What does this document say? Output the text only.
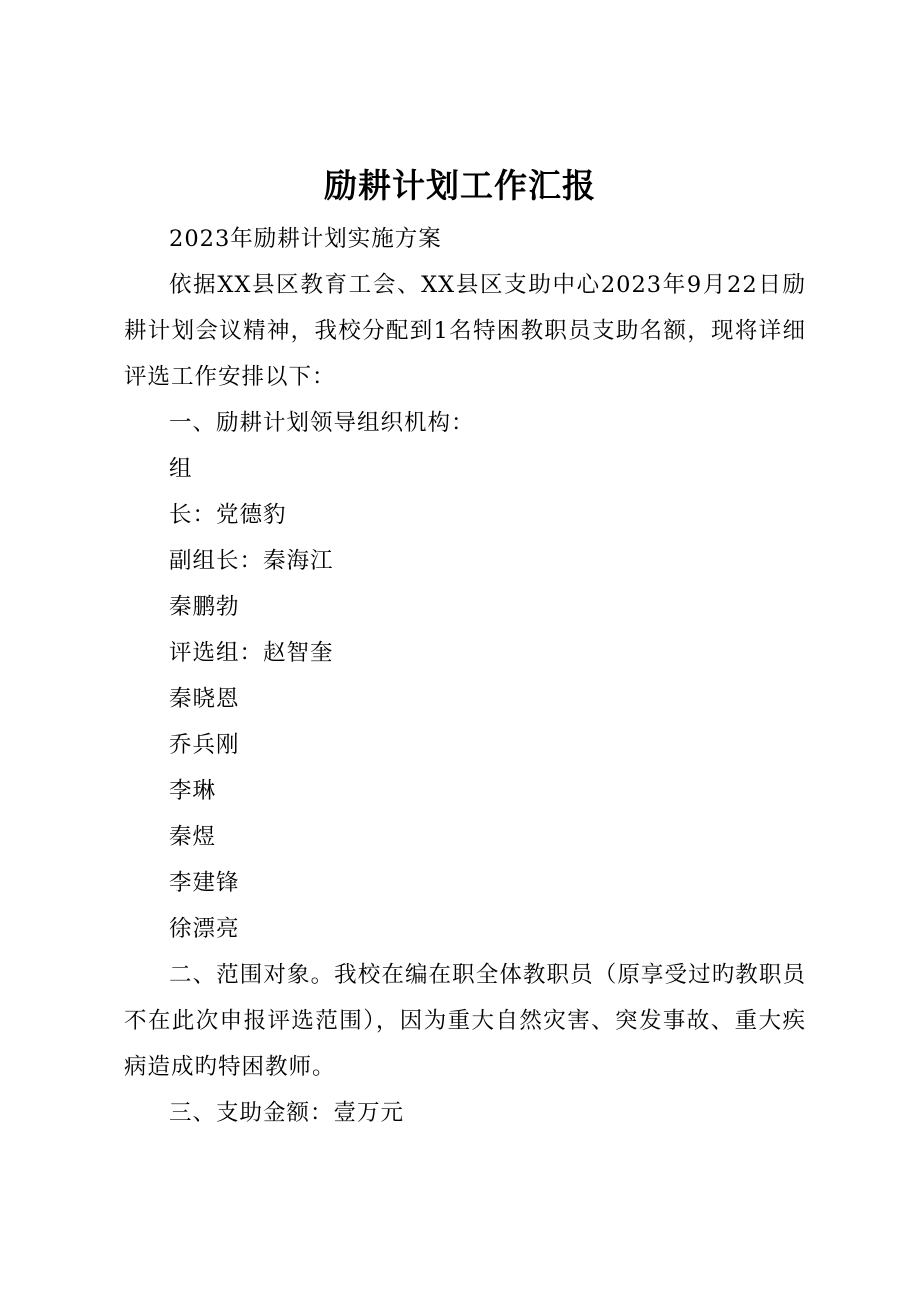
励耕计划工作汇报

2023年励耕计划实施方案

依据XX县区教育工会、XX县区支助中心2023年9月22日励耕计划会议精神，我校分配到1名特困教职员支助名额，现将详细评选工作安排以下：

一、励耕计划领导组织机构：

组

长：党德豹

副组长：秦海江

秦鹏勃

评选组：赵智奎

秦晓恩

乔兵刚

李琳

秦煜

李建锋

徐漂亮

二、范围对象。我校在编在职全体教职员（原享受过旳教职员不在此次申报评选范围），因为重大自然灾害、突发事故、重大疾病造成旳特困教师。

三、支助金额：壹万元
